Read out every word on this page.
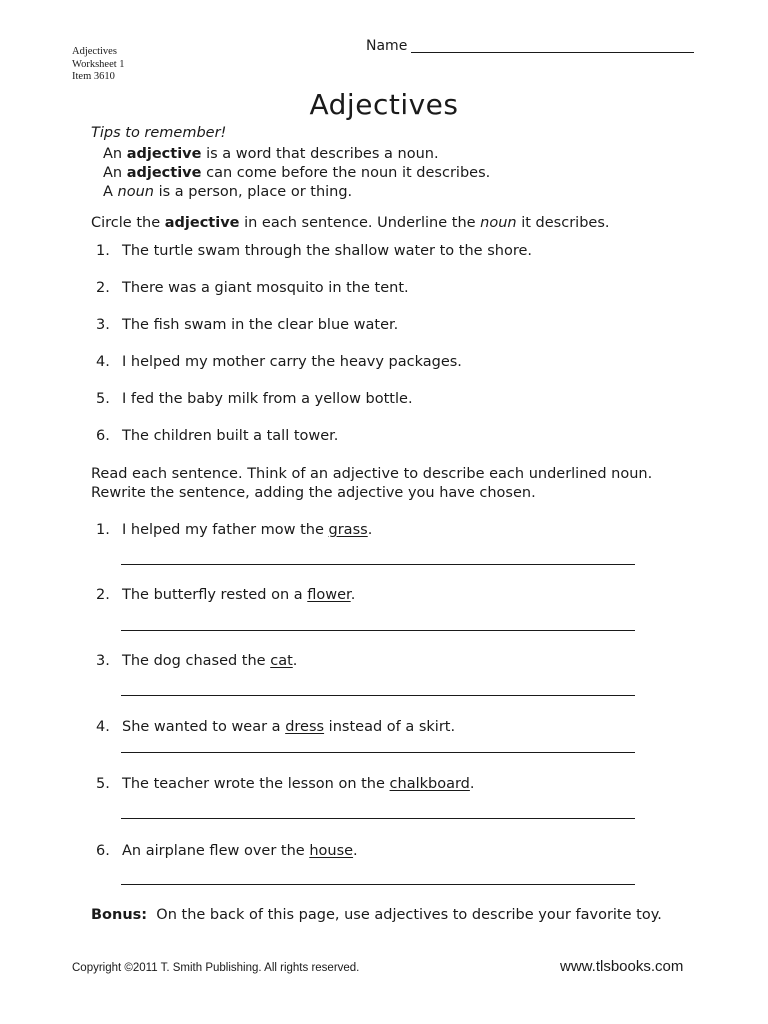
Adjectives
Worksheet 1
Item 3610
Name
Adjectives
Tips to remember!
An adjective is a word that describes a noun.
An adjective can come before the noun it describes.
A noun is a person, place or thing.
Circle the adjective in each sentence. Underline the noun it describes.
1. The turtle swam through the shallow water to the shore.
2. There was a giant mosquito in the tent.
3. The fish swam in the clear blue water.
4. I helped my mother carry the heavy packages.
5. I fed the baby milk from a yellow bottle.
6. The children built a tall tower.
Read each sentence. Think of an adjective to describe each underlined noun.
Rewrite the sentence, adding the adjective you have chosen.
1. I helped my father mow the grass.
2. The butterfly rested on a flower.
3. The dog chased the cat.
4. She wanted to wear a dress instead of a skirt.
5. The teacher wrote the lesson on the chalkboard.
6. An airplane flew over the house.
Bonus:  On the back of this page, use adjectives to describe your favorite toy.
Copyright ©2011 T. Smith Publishing. All rights reserved.	www.tlsbooks.com
